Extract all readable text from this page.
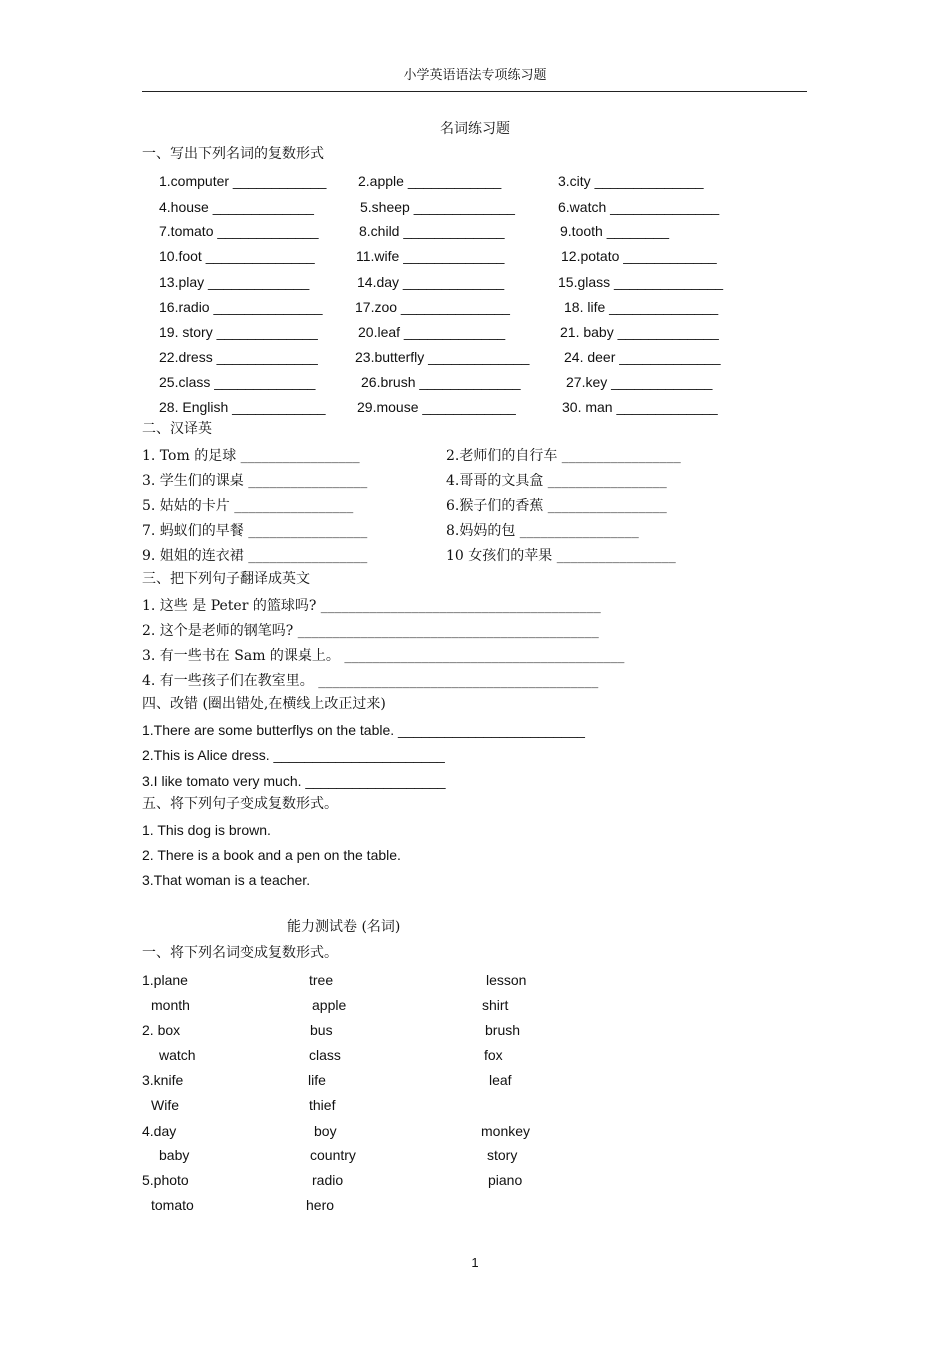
小学英语语法专项练习题
名词练习题
一、写出下列名词的复数形式
1.computer ____________ 2.apple ____________	3.city ______________
4.house _____________	5.sheep _____________	6.watch ______________
7.tomato _____________	8.child _____________	9.tooth ________
10.foot ______________	11.wife _____________	12.potato ____________
13.play _____________	14.day _____________	15.glass ______________
16.radio ______________ 17.zoo ______________	18. life ______________
19. story _____________	20.leaf _____________	21. baby _____________
22.dress _____________	23.butterfly _____________ 24. deer _____________
25.class _____________	26.brush _____________	27.key _____________
28. English ____________ 29.mouse ____________	30. man _____________
二、汉译英
1. Tom 的足球 _________________	2.老师们的自行车 _________________
3. 学生们的课桌 _________________	4.哥哥的文具盒 _________________
5. 姑姑的卡片 _________________	6.猴子们的香蕉 _________________
7. 蚂蚁们的早餐 _________________	8.妈妈的包 _________________
9. 姐姐的连衣裙 _________________	10 女孩们的苹果 _________________
三、把下列句子翻译成英文
1. 这些 是 Peter 的篮球吗? ________________________________________
2. 这个是老师的钢笔吗? ___________________________________________
3. 有一些书在 Sam 的课桌上。 ________________________________________
4. 有一些孩子们在教室里。 ________________________________________
四、改错 (圈出错处,在横线上改正过来)
1.There are some butterflys on the table. ________________________
2.This is Alice dress. ______________________
3.I like tomato very much. __________________
五、将下列句子变成复数形式。
1. This dog is brown.
2. There is a book and a pen on the table.
3.That woman is a teacher.
能力测试卷 (名词)
一、将下列名词变成复数形式。
1.plane	tree	lesson
month	apple	shirt
2. box	bus	brush
watch	class	fox
3.knife	life	leaf
Wife	thief
4.day	boy	monkey
baby	country	story
5.photo	radio	piano
tomato	hero
1
